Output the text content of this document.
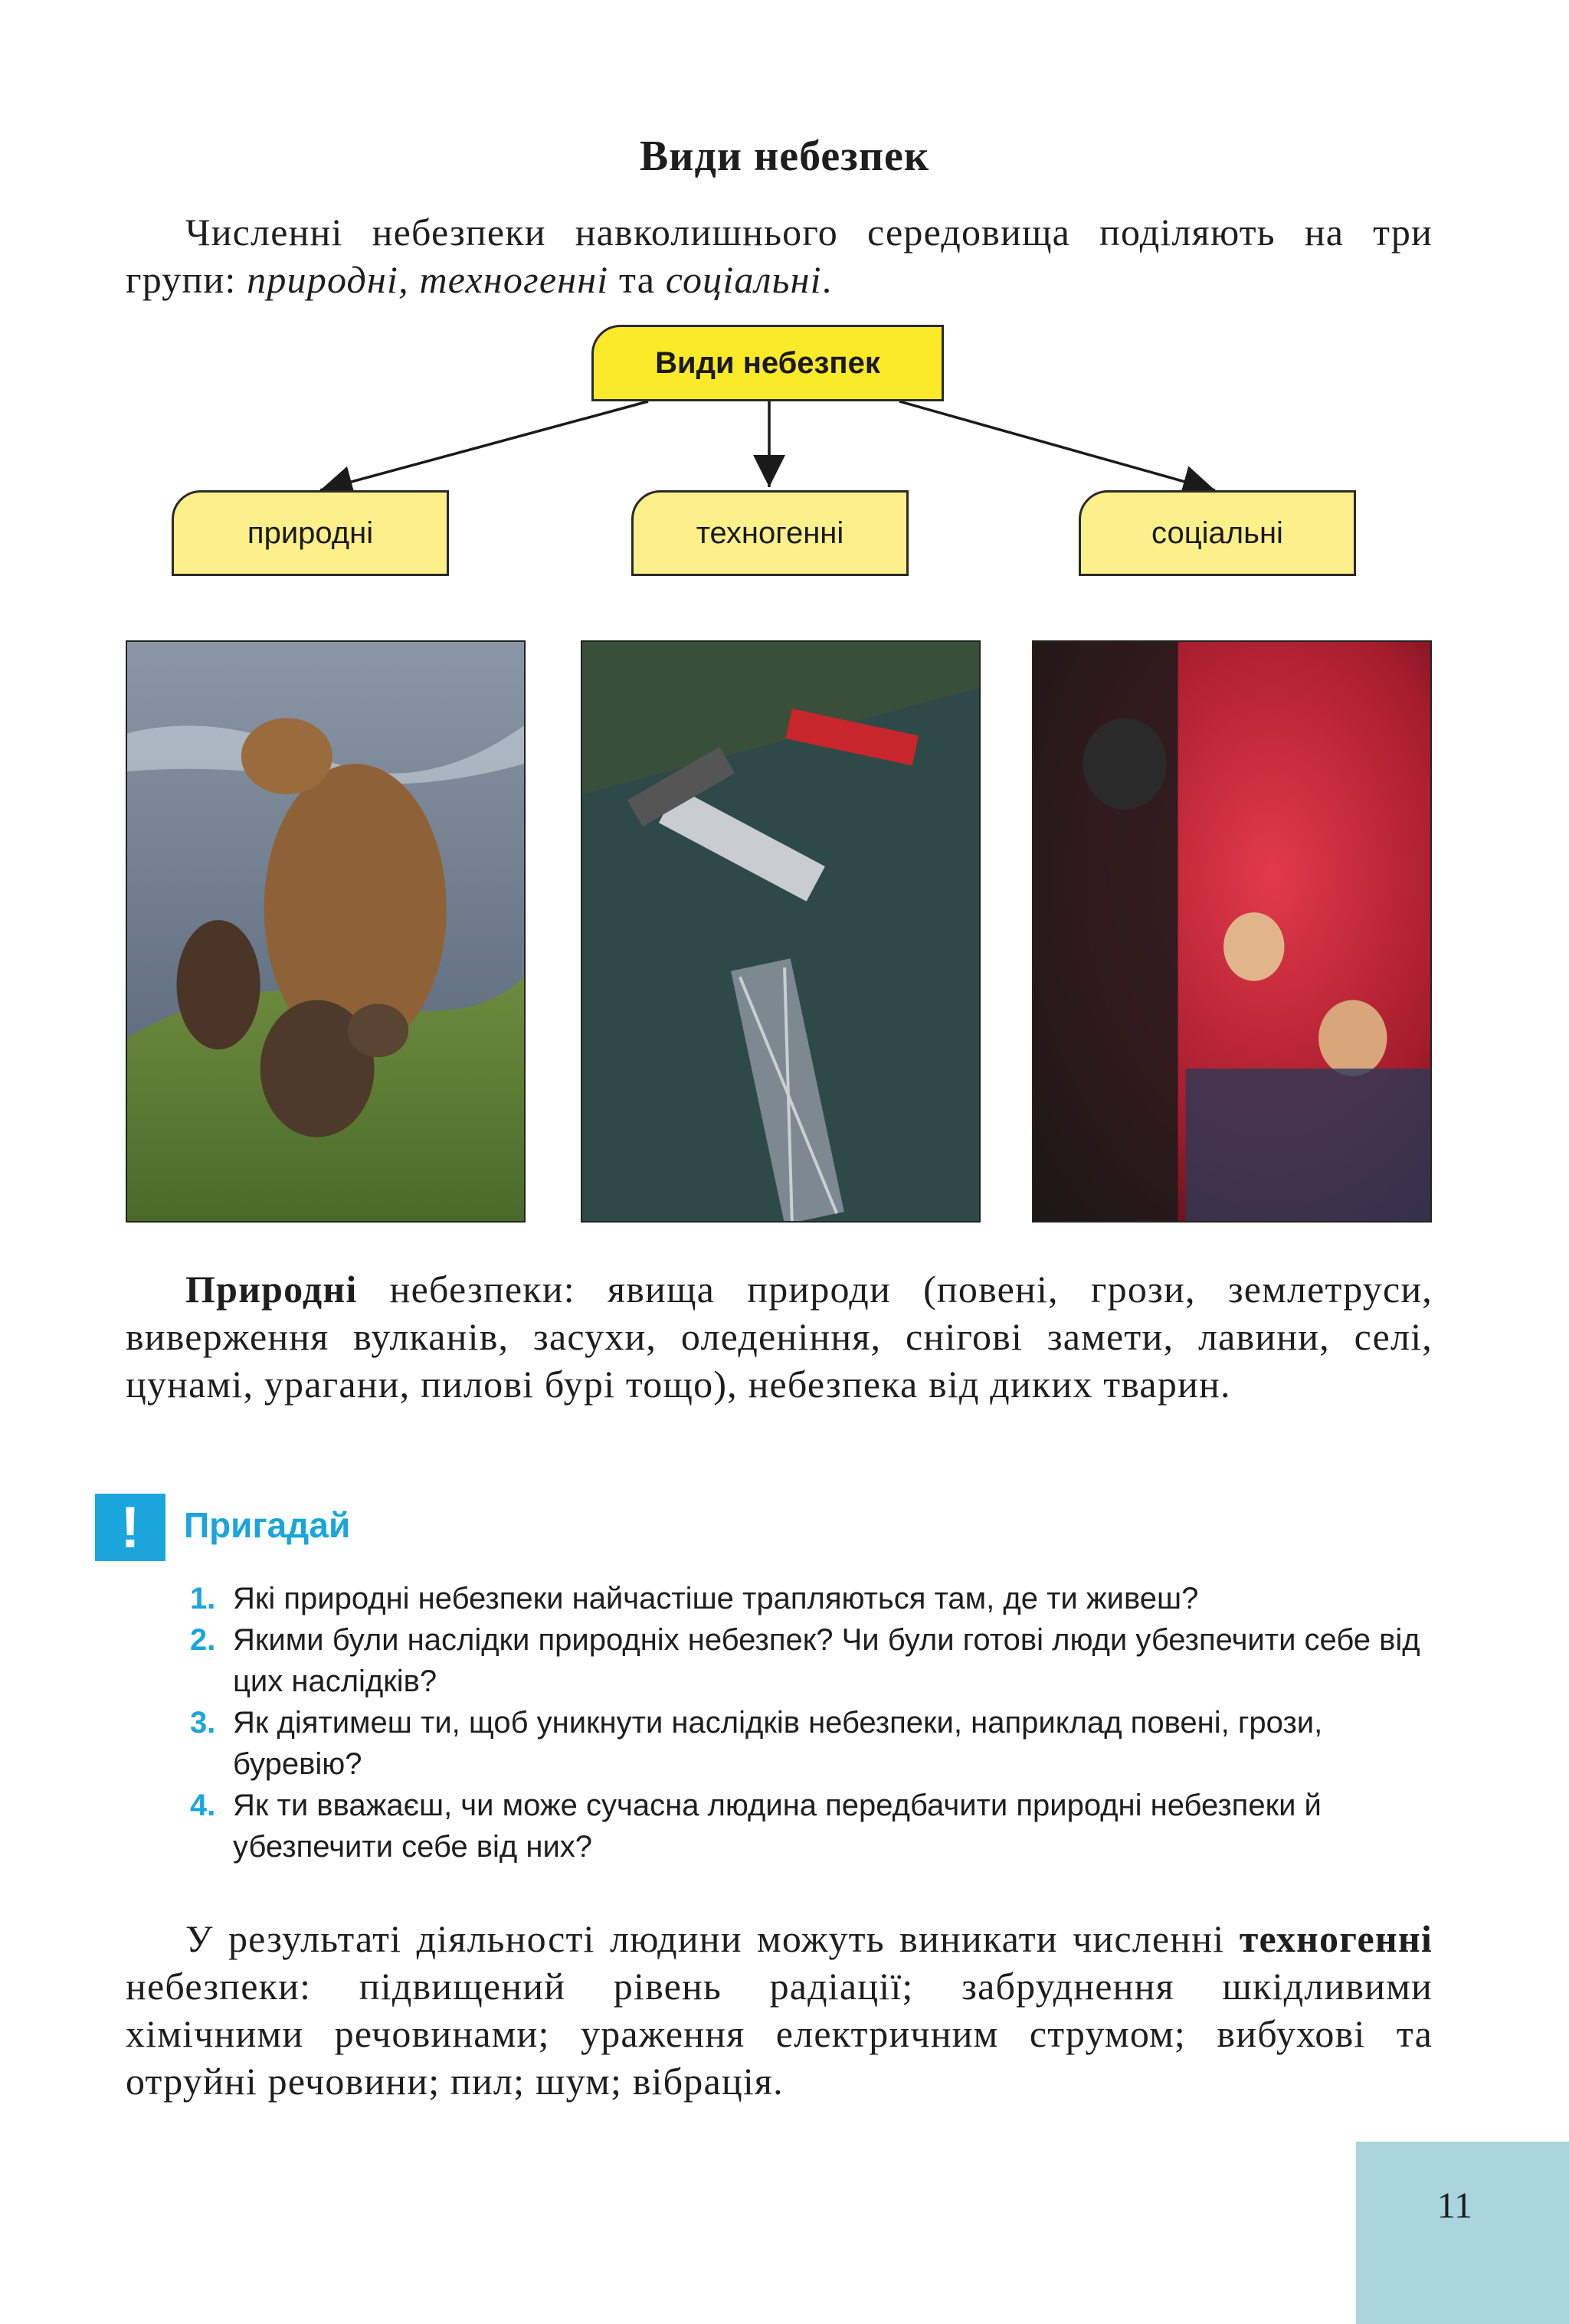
Види небезпек
Численні небезпеки навколишнього середовища поділяють на три групи: природні, техногенні та соціальні.
Види небезпек
природні	техногенні	соціальні
Природні небезпеки: явища природи (повені, грози, землетруси, виверження вулканів, засухи, оледеніння, снігові замети, лавини, селі, цунамі, урагани, пилові бурі тощо), небезпека від диких тварин.
!	Пригадай
1. Які природні небезпеки найчастіше трапляються там, де ти живеш?
2. Якими були наслідки природніх небезпек? Чи були готові люди убезпечити себе від цих наслідків?
3. Як діятимеш ти, щоб уникнути наслідків небезпеки, наприклад повені, грози, буревію?
4. Як ти вважаєш, чи може сучасна людина передбачити природні небезпеки й убезпечити себе від них?
У результаті діяльності людини можуть виникати численні техногенні небезпеки: підвищений рівень радіації; забруднення шкідливими хімічними речовинами; ураження електричним струмом; вибухові та отруйні речовини; пил; шум; вібрація.
11
